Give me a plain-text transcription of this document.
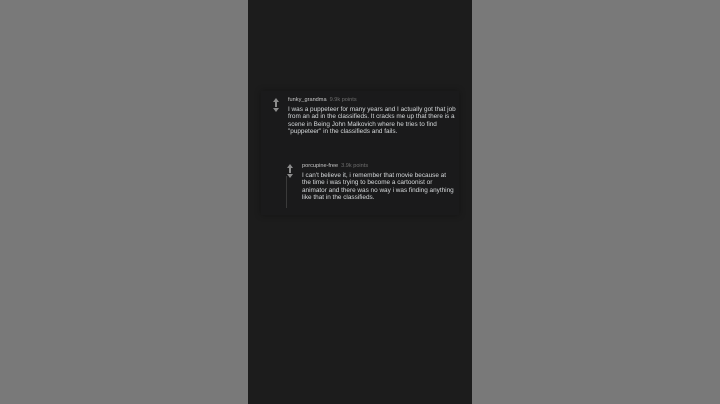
funky_grandma 9.9k points
I was a puppeteer for many years and I actually got that job from an ad in the classifieds. It cracks me up that there is a scene in Being John Malkovich where he tries to find "puppeteer" in the classifieds and fails.
porcupine-free 3.9k points
I can't believe it, i remember that movie because at the time i was trying to become a cartoonist or animator and there was no way i was finding anything like that in the classifieds.
